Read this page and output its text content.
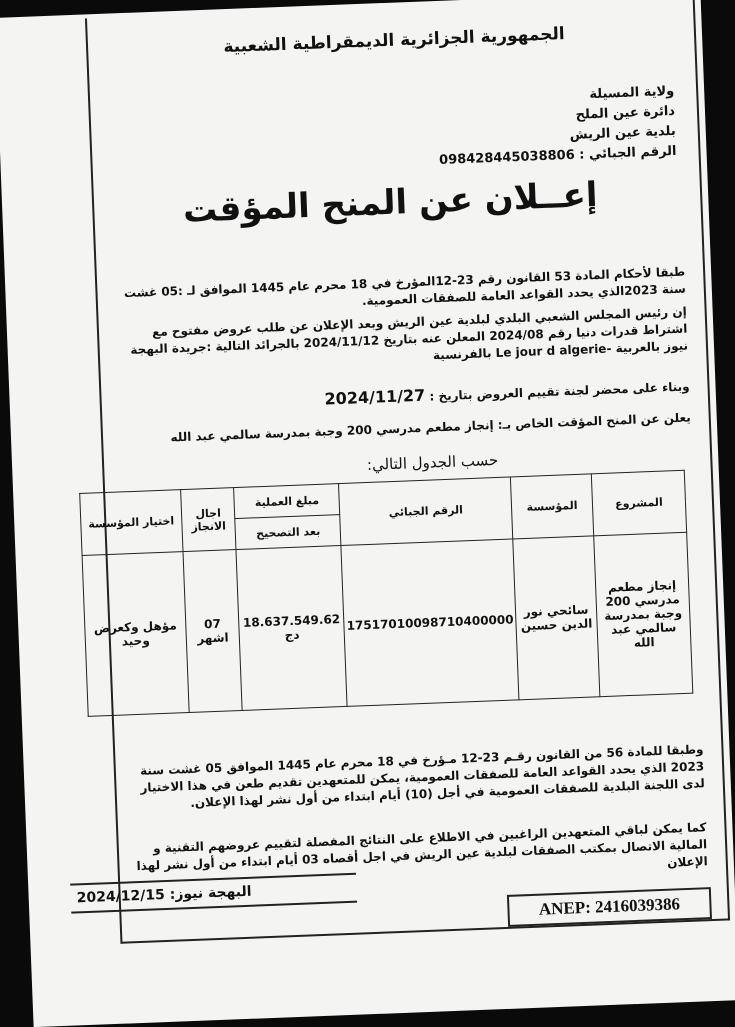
الجمهورية الجزائرية الديمقراطية الشعبية
ولاية المسيلة
دائرة عين الملح
بلدية عين الريش
الرقم الجبائي : 098428445038806
إعــلان عن المنح المؤقت
طبقا لأحكام المادة 53 القانون رقم 23-12المؤرخ في 18 محرم عام 1445 الموافق لـ :05 غشت سنة 2023الذي يحدد القواعد العامة للصفقات العمومية.
إن رئيس المجلس الشعبي البلدي لبلدية عين الريش وبعد الإعلان عن طلب عروض مفتوح مع اشتراط قدرات دنيا رقم 2024/08 المعلن عنه بتاريخ 2024/11/12 بالجرائد التالية :جريدة البهجة نيوز بالعربية -Le jour d algerie بالفرنسية
وبناء على محضر لجنة تقييم العروض بتاريخ : 2024/11/27
يعلن عن المنح المؤقت الخاص بـ: إنجاز مطعم مدرسي 200 وجبة بمدرسة سالمي عبد الله
حسب الجدول التالي:
المشروع	المؤسسة	الرقم الجبائي	مبلغ العملية	اجال الانجاز	اختيار المؤسسة
			بعد التصحيح		
إنجاز مطعم مدرسي 200 وجبة بمدرسة سالمي عبد الله	سائحي نور الدين حسين	17517010098710400000	18.637.549.62 دج	07 اشهر	مؤهل وكعرض وحيد
وطبقا للمادة 56 من القانون رقـم 23-12 مـؤرخ في 18 محرم عام 1445 الموافق 05 غشت سنة 2023 الذي يحدد القواعد العامة للصفقات العمومية، يمكن للمتعهدين تقديم طعن في هذا الاختيار لدى اللجنة البلدية للصفقات العمومية في أجل (10) أيام ابتداء من أول نشر لهذا الإعلان.
كما يمكن لباقي المتعهدين الراغبين في الاطلاع على النتائج المفصلة لتقييم عروضهم التقنية و المالية الاتصال بمكتب الصفقات لبلدية عين الريش في اجل أقصاه 03 أيام ابتداء من أول نشر لهذا الإعلان
البهجة نيوز: 2024/12/15
ANEP: 2416039386
